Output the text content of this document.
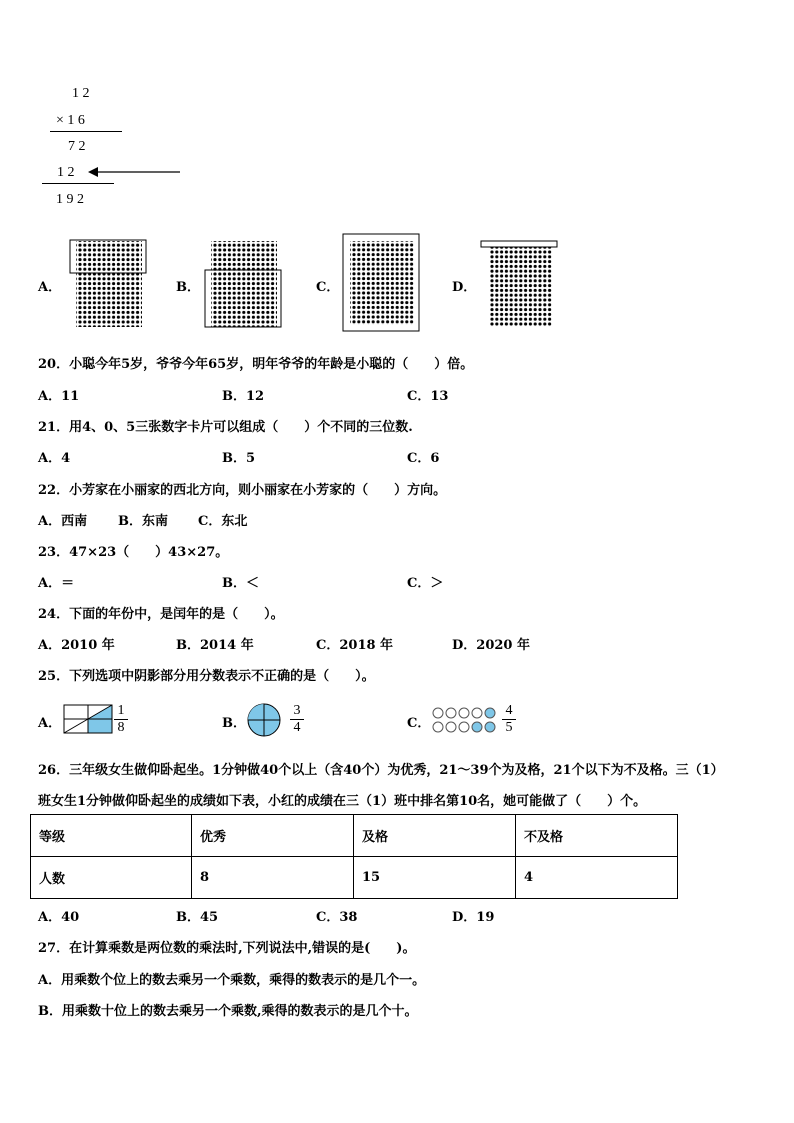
1 2
× 1 6
7 2
1 2
1 9 2
A．	B．	C．	D．
20．小聪今年5岁，爷爷今年65岁，明年爷爷的年龄是小聪的（　　）倍。
A．11	B．12	C．13
21．用4、0、5三张数字卡片可以组成（　　）个不同的三位数.
A．4	B．5	C．6
22．小芳家在小丽家的西北方向，则小丽家在小芳家的（　　）方向。
A．西南 B．东南 C．东北
23．47×23（　　）43×27。
A．＝	B．＜	C．＞
24．下面的年份中，是闰年的是（　　）。
A．2010 年	B．2014 年	C．2018 年	D．2020 年
25．下列选项中阴影部分用分数表示不正确的是（　　）。
A．	$\frac{1}{8}$	B．	$\frac{3}{4}$	C．	$\frac{4}{5}$
26．三年级女生做仰卧起坐。1分钟做40个以上（含40个）为优秀，21～39个为及格，21个以下为不及格。三（1）
班女生1分钟做仰卧起坐的成绩如下表，小红的成绩在三（1）班中排名第10名，她可能做了（　　）个。
等级	优秀	及格	不及格
人数	8	15	4
A．40	B．45	C．38	D．19
27．在计算乘数是两位数的乘法时,下列说法中,错误的是(　　)。
A．用乘数个位上的数去乘另一个乘数，乘得的数表示的是几个一。
B．用乘数十位上的数去乘另一个乘数,乘得的数表示的是几个十。
